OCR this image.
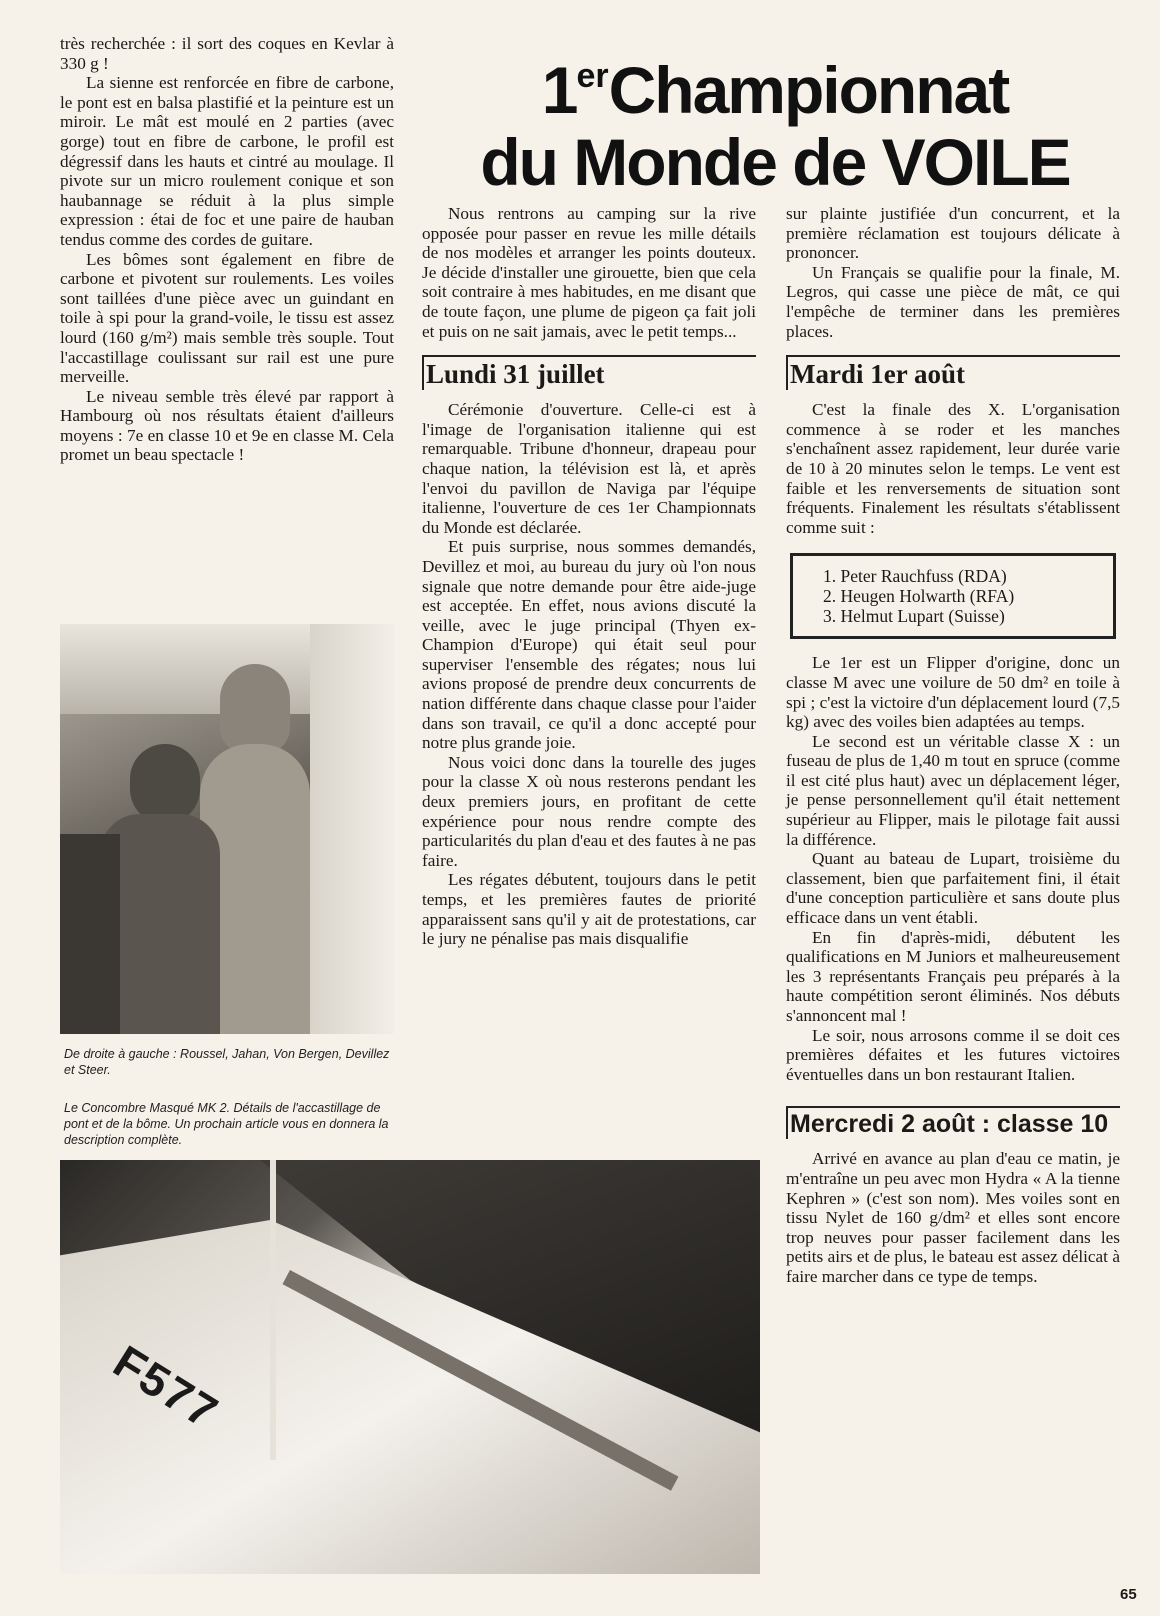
1erChampionnat
du Monde de VOILE

très recherchée : il sort des coques en Kevlar à 330 g !

La sienne est renforcée en fibre de carbone, le pont est en balsa plastifié et la peinture est un miroir. Le mât est moulé en 2 parties (avec gorge) tout en fibre de carbone, le profil est dégressif dans les hauts et cintré au moulage. Il pivote sur un micro roulement conique et son haubannage se réduit à la plus simple expression : étai de foc et une paire de hauban tendus comme des cordes de guitare.

Les bômes sont également en fibre de carbone et pivotent sur roulements. Les voiles sont taillées d'une pièce avec un guindant en toile à spi pour la grand-voile, le tissu est assez lourd (160 g/m²) mais semble très souple. Tout l'accastillage coulissant sur rail est une pure merveille.

Le niveau semble très élevé par rapport à Hambourg où nos résultats étaient d'ailleurs moyens : 7e en classe 10 et 9e en classe M. Cela promet un beau spectacle !

De droite à gauche : Roussel, Jahan, Von Bergen, Devillez et Steer.
Le Concombre Masqué MK 2. Détails de l'accastillage de pont et de la bôme. Un prochain article vous en donnera la description complète.
F577

Nous rentrons au camping sur la rive opposée pour passer en revue les mille détails de nos modèles et arranger les points douteux. Je décide d'installer une girouette, bien que cela soit contraire à mes habitudes, en me disant que de toute façon, une plume de pigeon ça fait joli et puis on ne sait jamais, avec le petit temps...

Lundi 31 juillet

Cérémonie d'ouverture. Celle-ci est à l'image de l'organisation italienne qui est remarquable. Tribune d'honneur, drapeau pour chaque nation, la télévision est là, et après l'envoi du pavillon de Naviga par l'équipe italienne, l'ouverture de ces 1er Championnats du Monde est déclarée.

Et puis surprise, nous sommes demandés, Devillez et moi, au bureau du jury où l'on nous signale que notre demande pour être aide-juge est acceptée. En effet, nous avions discuté la veille, avec le juge principal (Thyen ex-Champion d'Europe) qui était seul pour superviser l'ensemble des régates; nous lui avions proposé de prendre deux concurrents de nation différente dans chaque classe pour l'aider dans son travail, ce qu'il a donc accepté pour notre plus grande joie.

Nous voici donc dans la tourelle des juges pour la classe X où nous resterons pendant les deux premiers jours, en profitant de cette expérience pour nous rendre compte des particularités du plan d'eau et des fautes à ne pas faire.

Les régates débutent, toujours dans le petit temps, et les premières fautes de priorité apparaissent sans qu'il y ait de protestations, car le jury ne pénalise pas mais disqualifie

sur plainte justifiée d'un concurrent, et la première réclamation est toujours délicate à prononcer.

Un Français se qualifie pour la finale, M. Legros, qui casse une pièce de mât, ce qui l'empêche de terminer dans les premières places.

Mardi 1er août

C'est la finale des X. L'organisation commence à se roder et les manches s'enchaînent assez rapidement, leur durée varie de 10 à 20 minutes selon le temps. Le vent est faible et les renversements de situation sont fréquents. Finalement les résultats s'établissent comme suit :

1. Peter Rauchfuss (RDA)
2. Heugen Holwarth (RFA)
3. Helmut Lupart (Suisse)

Le 1er est un Flipper d'origine, donc un classe M avec une voilure de 50 dm² en toile à spi ; c'est la victoire d'un déplacement lourd (7,5 kg) avec des voiles bien adaptées au temps.

Le second est un véritable classe X : un fuseau de plus de 1,40 m tout en spruce (comme il est cité plus haut) avec un déplacement léger, je pense personnellement qu'il était nettement supérieur au Flipper, mais le pilotage fait aussi la différence.

Quant au bateau de Lupart, troisième du classement, bien que parfaitement fini, il était d'une conception particulière et sans doute plus efficace dans un vent établi.

En fin d'après-midi, débutent les qualifications en M Juniors et malheureusement les 3 représentants Français peu préparés à la haute compétition seront éliminés. Nos débuts s'annoncent mal !

Le soir, nous arrosons comme il se doit ces premières défaites et les futures victoires éventuelles dans un bon restaurant Italien.

Mercredi 2 août : classe 10

Arrivé en avance au plan d'eau ce matin, je m'entraîne un peu avec mon Hydra « A la tienne Kephren » (c'est son nom). Mes voiles sont en tissu Nylet de 160 g/dm² et elles sont encore trop neuves pour passer facilement dans les petits airs et de plus, le bateau est assez délicat à faire marcher dans ce type de temps.

65
